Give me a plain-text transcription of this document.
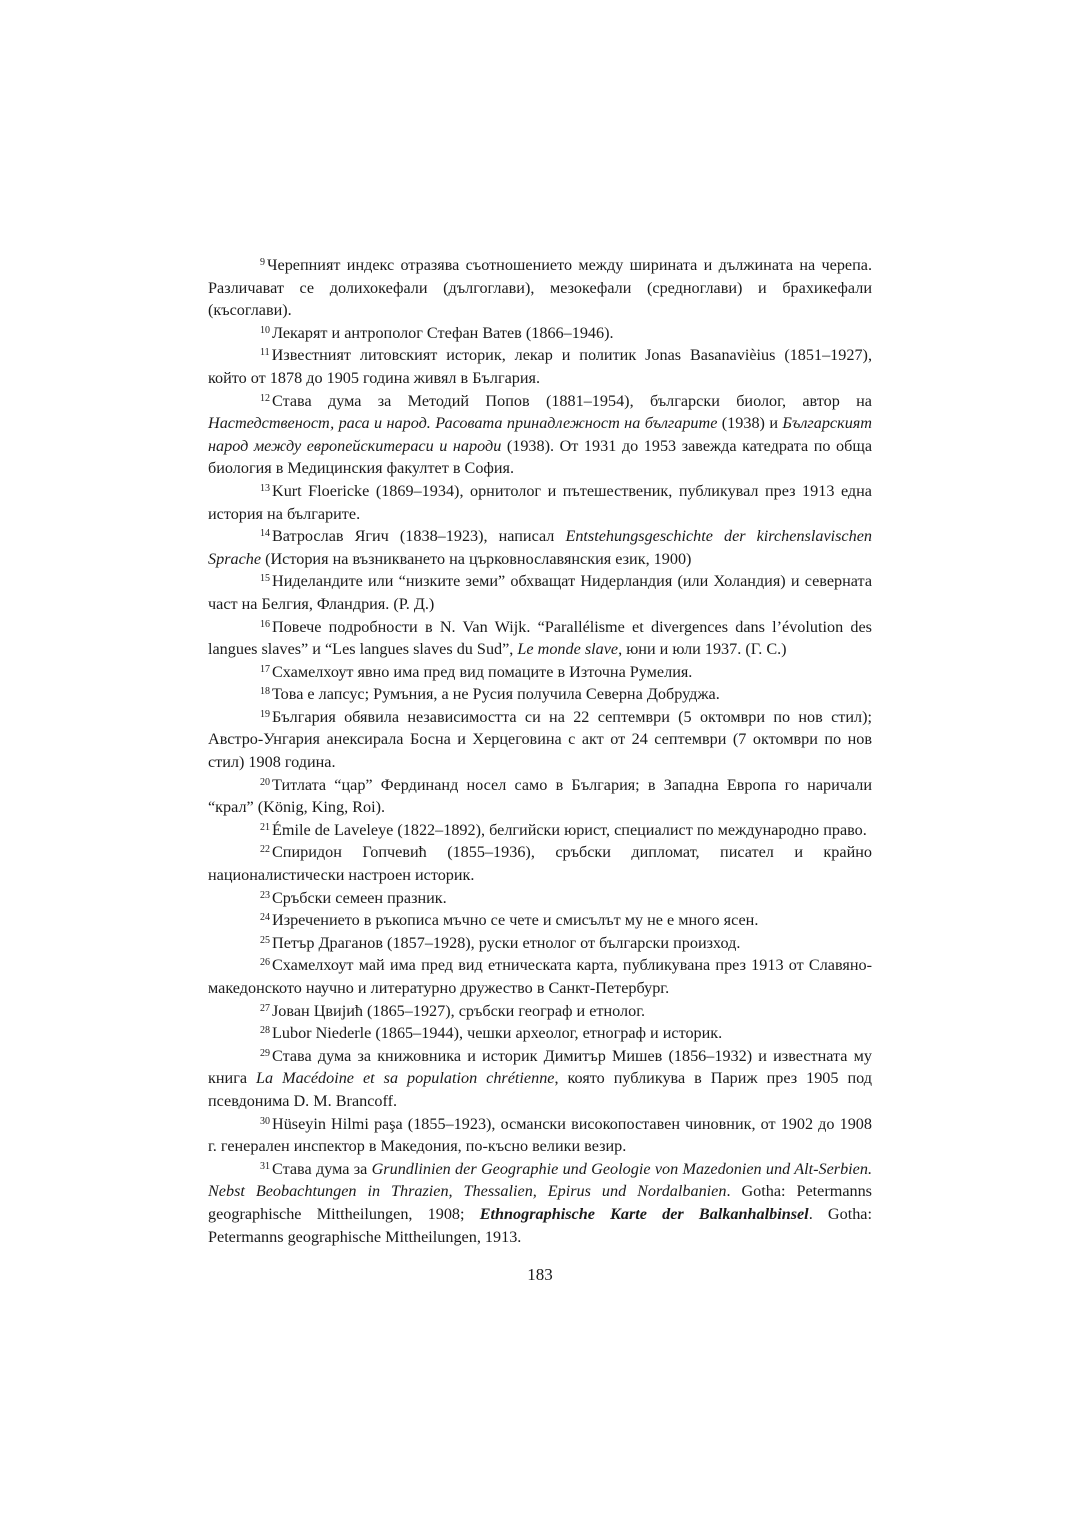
$^9$ Черепният индекс отразява съотношението между ширината и дължината на черепа. Различават се долихокефали (дългоглави), мезокефали (средноглави) и брахикефали (късоглави).

$^{10}$ Лекарят и антрополог Стефан Ватев (1866–1946).

$^{11}$ Известният литовският историк, лекар и политик Jonas Basanavièius (1851–1927), който от 1878 до 1905 година живял в България.

$^{12}$ Става дума за Методий Попов (1881–1954), български биолог, автор на Настедственост, раса и народ. Расовата принадлежност на българите (1938) и Българският народ между европейскитераси и народи (1938). От 1931 до 1953 завежда катедрата по обща биология в Медицинския факултет в София.

$^{13}$ Kurt Floericke (1869–1934), орнитолог и пътешественик, публикувал през 1913 една история на българите.

$^{14}$ Ватрослав Ягич (1838–1923), написал Entstehungsgeschichte der kirchenslavischen Sprache (История на възникването на църковнославянския език, 1900)

$^{15}$ Ниделандите или “низките земи” обхващат Нидерландия (или Холандия) и северната част на Белгия, Фландрия. (Р. Д.)

$^{16}$ Повече подробности в N. Van Wijk. “Parallélisme et divergences dans l’évolution des langues slaves” и “Les langues slaves du Sud”, Le monde slave, юни и юли 1937. (Г. С.)

$^{17}$ Схамелхоут явно има пред вид помаците в Източна Румелия.

$^{18}$ Това е лапсус; Румъния, а не Русия получила Северна Добруджа.

$^{19}$ България обявила независимостта си на 22 септември (5 октомври по нов стил); Австро-Унгария анексирала Босна и Херцеговина с акт от 24 септември (7 октомври по нов стил) 1908 година.

$^{20}$ Титлата “цар” Фердинанд носел само в България; в Западна Европа го наричали “крал” (König, King, Roi).

$^{21}$ Émile de Laveleye (1822–1892), белгийски юрист, специалист по международно право.

$^{22}$ Спиридон Гопчевић (1855–1936), сръбски дипломат, писател и крайно националистически настроен историк.

$^{23}$ Сръбски семеен празник.

$^{24}$ Изречението в ръкописа мъчно се чете и смисълът му не е много ясен.

$^{25}$ Петър Драганов (1857–1928), руски етнолог от български произход.

$^{26}$ Схамелхоут май има пред вид етническата карта, публикувана през 1913 от Славяно-македонското научно и литературно дружество в Санкт-Петербург.

$^{27}$ Јован Цвијић (1865–1927), сръбски географ и етнолог.

$^{28}$ Lubor Niederle (1865–1944), чешки археолог, етнограф и историк.

$^{29}$ Става дума за книжовника и историк Димитър Мишев (1856–1932) и известната му книга La Macédoine et sa population chrétienne, която публикува в Париж през 1905 под псевдонима D. M. Brancoff.

$^{30}$ Hüseyin Hilmi paşa (1855–1923), османски високопоставен чиновник, от 1902 до 1908 г. генерален инспектор в Македония, по-късно велики везир.

$^{31}$ Става дума за Grundlinien der Geographie und Geologie von Mazedonien und Alt-Serbien. Nebst Beobachtungen in Thrazien, Thessalien, Epirus und Nordalbanien. Gotha: Petermanns geographische Mittheilungen, 1908; Ethnographische Karte der Balkanhalbinsel. Gotha: Petermanns geographische Mittheilungen, 1913.

183
